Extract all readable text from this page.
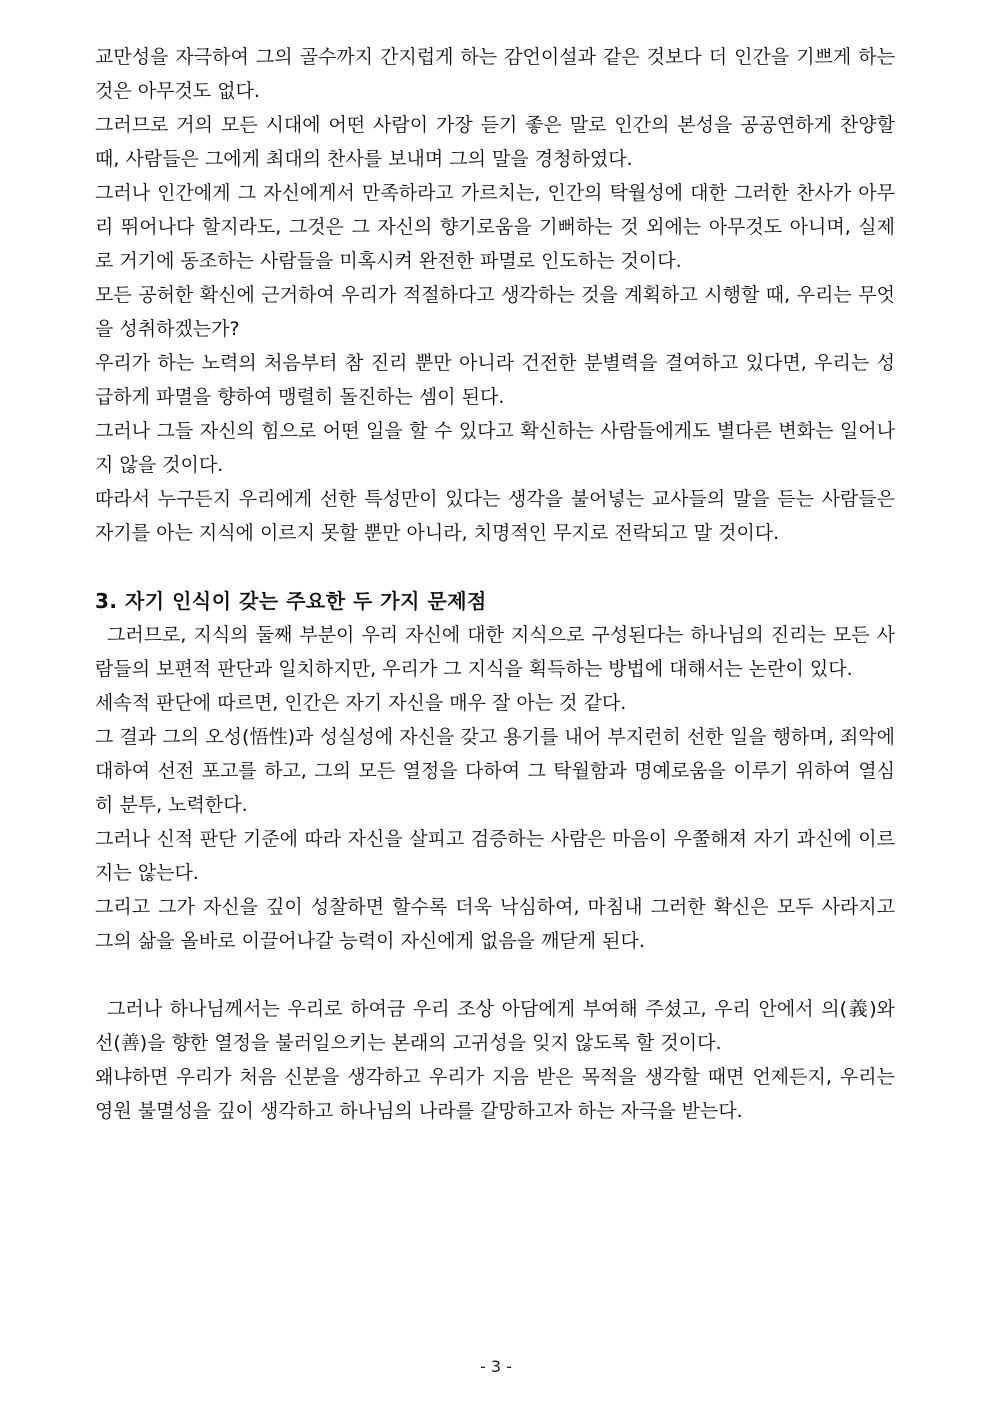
교만성을 자극하여 그의 골수까지 간지럽게 하는 감언이설과 같은 것보다 더 인간을 기쁘게 하는 것은 아무것도 없다.

그러므로 거의 모든 시대에 어떤 사람이 가장 듣기 좋은 말로 인간의 본성을 공공연하게 찬양할 때, 사람들은 그에게 최대의 찬사를 보내며 그의 말을 경청하였다.

그러나 인간에게 그 자신에게서 만족하라고 가르치는, 인간의 탁월성에 대한 그러한 찬사가 아무리 뛰어나다 할지라도, 그것은 그 자신의 향기로움을 기뻐하는 것 외에는 아무것도 아니며, 실제로 거기에 동조하는 사람들을 미혹시켜 완전한 파멸로 인도하는 것이다.

모든 공허한 확신에 근거하여 우리가 적절하다고 생각하는 것을 계획하고 시행할 때, 우리는 무엇을 성취하겠는가?

우리가 하는 노력의 처음부터 참 진리 뿐만 아니라 건전한 분별력을 결여하고 있다면, 우리는 성급하게 파멸을 향하여 맹렬히 돌진하는 셈이 된다.

그러나 그들 자신의 힘으로 어떤 일을 할 수 있다고 확신하는 사람들에게도 별다른 변화는 일어나지 않을 것이다.

따라서 누구든지 우리에게 선한 특성만이 있다는 생각을 불어넣는 교사들의 말을 듣는 사람들은 자기를 아는 지식에 이르지 못할 뿐만 아니라, 치명적인 무지로 전락되고 말 것이다.

3. 자기 인식이 갖는 주요한 두 가지 문제점

그러므로, 지식의 둘째 부분이 우리 자신에 대한 지식으로 구성된다는 하나님의 진리는 모든 사람들의 보편적 판단과 일치하지만, 우리가 그 지식을 획득하는 방법에 대해서는 논란이 있다.

세속적 판단에 따르면, 인간은 자기 자신을 매우 잘 아는 것 같다.

그 결과 그의 오성(悟性)과 성실성에 자신을 갖고 용기를 내어 부지런히 선한 일을 행하며, 죄악에 대하여 선전 포고를 하고, 그의 모든 열정을 다하여 그 탁월함과 명예로움을 이루기 위하여 열심히 분투, 노력한다.

그러나 신적 판단 기준에 따라 자신을 살피고 검증하는 사람은 마음이 우쭐해져 자기 과신에 이르지는 않는다.

그리고 그가 자신을 깊이 성찰하면 할수록 더욱 낙심하여, 마침내 그러한 확신은 모두 사라지고 그의 삶을 올바로 이끌어나갈 능력이 자신에게 없음을 깨닫게 된다.

그러나 하나님께서는 우리로 하여금 우리 조상 아담에게 부여해 주셨고, 우리 안에서 의(義)와 선(善)을 향한 열정을 불러일으키는 본래의 고귀성을 잊지 않도록 할 것이다.

왜냐하면 우리가 처음 신분을 생각하고 우리가 지음 받은 목적을 생각할 때면 언제든지, 우리는 영원 불멸성을 깊이 생각하고 하나님의 나라를 갈망하고자 하는 자극을 받는다.

- 3 -
